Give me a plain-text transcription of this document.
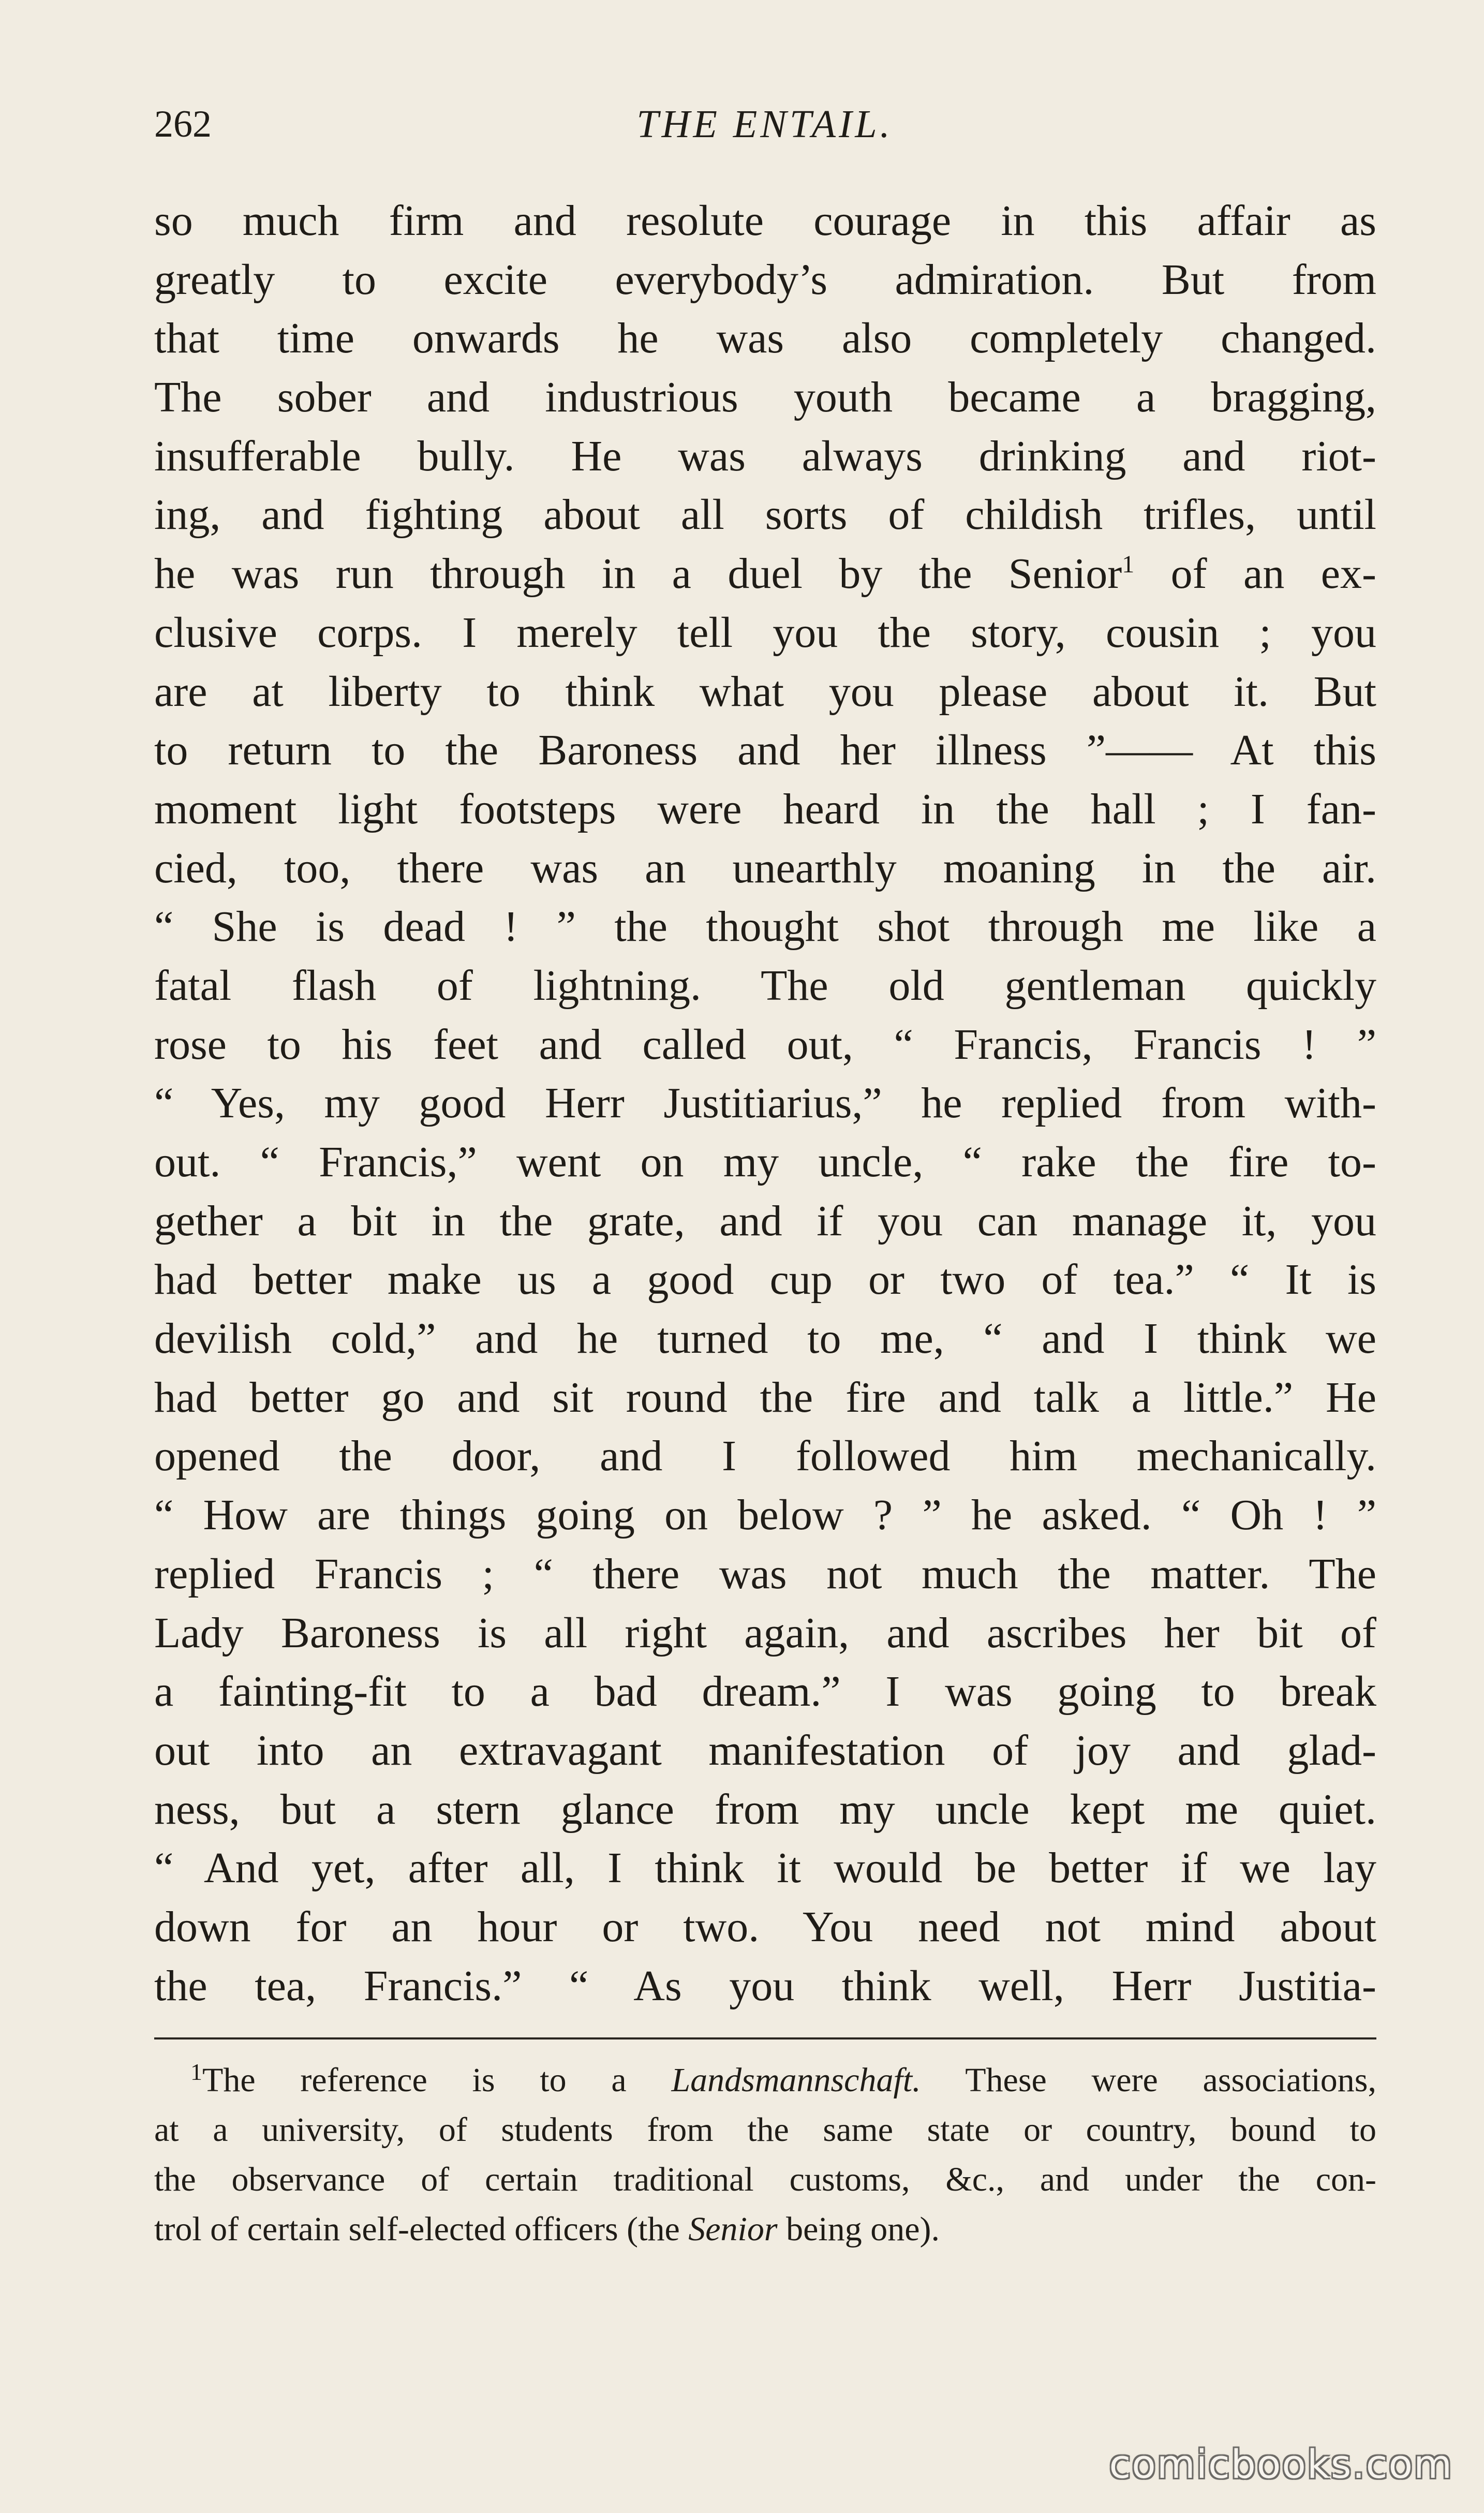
262	THE ENTAIL.
so much firm and resolute courage in this affair as
greatly to excite everybody’s admiration. But from
that time onwards he was also completely changed.
The sober and industrious youth became a bragging,
insufferable bully. He was always drinking and riot-
ing, and fighting about all sorts of childish trifles, until
he was run through in a duel by the Senior$^1$ of an ex-
clusive corps. I merely tell you the story, cousin ; you
are at liberty to think what you please about it. But
to return to the Baroness and her illness ”—— At this
moment light footsteps were heard in the hall ; I fan-
cied, too, there was an unearthly moaning in the air.
“ She is dead ! ” the thought shot through me like a
fatal flash of lightning. The old gentleman quickly
rose to his feet and called out, “ Francis, Francis ! ”
“ Yes, my good Herr Justitiarius,” he replied from with-
out. “ Francis,” went on my uncle, “ rake the fire to-
gether a bit in the grate, and if you can manage it, you
had better make us a good cup or two of tea.” “ It is
devilish cold,” and he turned to me, “ and I think we
had better go and sit round the fire and talk a little.” He
opened the door, and I followed him mechanically.
“ How are things going on below ? ” he asked. “ Oh ! ”
replied Francis ; “ there was not much the matter. The
Lady Baroness is all right again, and ascribes her bit of
a fainting-fit to a bad dream.” I was going to break
out into an extravagant manifestation of joy and glad-
ness, but a stern glance from my uncle kept me quiet.
“ And yet, after all, I think it would be better if we lay
down for an hour or two. You need not mind about
the tea, Francis.” “ As you think well, Herr Justitia-
$^1$The reference is to a Landsmannschaft. These were associations,
at a university, of students from the same state or country, bound to
the observance of certain traditional customs, &c., and under the con-
trol of certain self-elected officers (the Senior being one).
comicbooks.com
